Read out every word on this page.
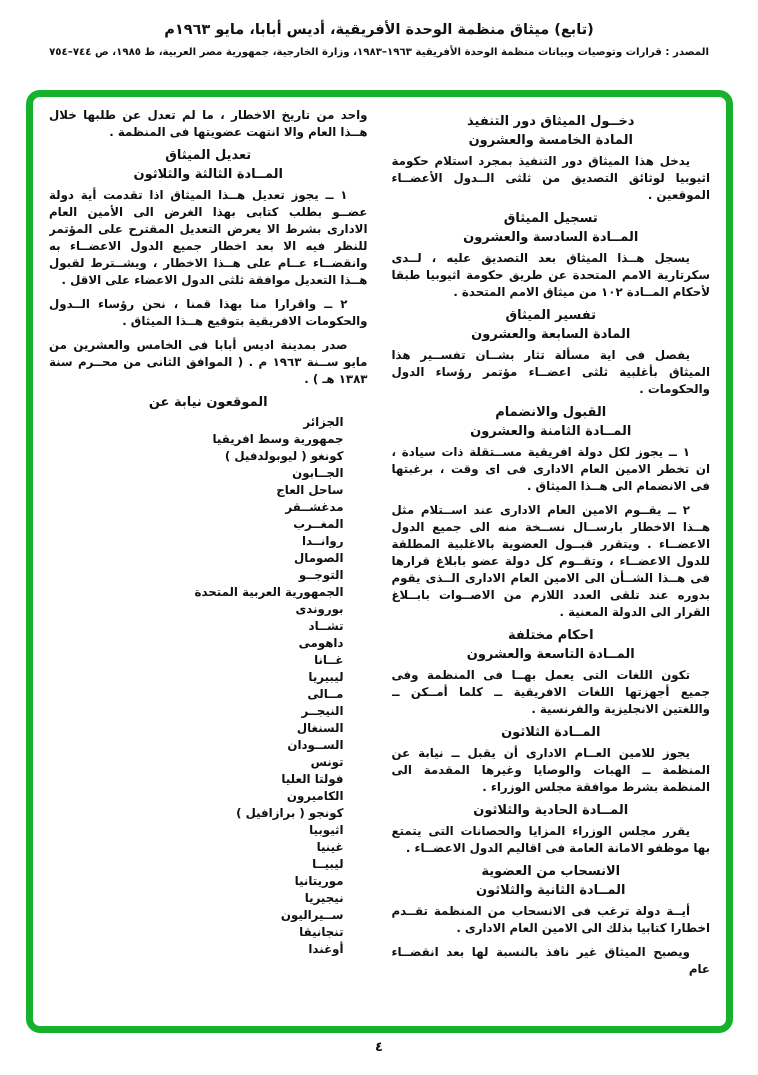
(تابع) ميثاق منظمة الوحدة الأفريقية، أديس أبابا، مايو ١٩٦٣م
المصدر : قرارات وتوصيات وبيانات منظمة الوحدة الأفريقية ١٩٦٣–١٩٨٣، وزارة الخارجية، جمهورية مصر العربية، ط ١٩٨٥، ص ٧٤٤–٧٥٤
دخــول الميثاق دور التنفيذ
المادة الخامسة والعشرون
يدخل هذا الميثاق دور التنفيذ بمجرد استلام حكومة اثيوبيا لوثائق التصديق من ثلثى الــدول الأعضــاء الموقعين .
تسجيل الميثاق
المــادة السادسة والعشرون
يسجل هــذا الميثاق بعد التصديق عليه ، لــدى سكرتارية الامم المتحدة عن طريق حكومة اثيوبيا طبقا لأحكام المــادة ١٠٢ من ميثاق الامم المتحدة .
تفسير الميثاق
المادة السابعة والعشرون
يفصل فى اية مسألة تثار بشــان تفســير هذا الميثاق بأغلبية ثلثى اعضــاء مؤتمر رؤساء الدول والحكومات .
القبول والانضمام
المــادة الثامنة والعشرون
١ ــ يجوز لكل دولة افريقية مســتقلة ذات سيادة ، ان تخطر الامين العام الادارى فى اى وقت ، برغبتها فى الانضمام الى هــذا الميثاق .
٢ ــ يقــوم الامين العام الادارى عند اســتلام مثل هــذا الاخطار بارســال نســخة منه الى جميع الدول الاعضــاء . ويتقرر قبــول العضوية بالاغلبية المطلقة للدول الاعضــاء ، وتقــوم كل دولة عضو بابلاغ قرارها فى هــذا الشــأن الى الامين العام الادارى الــذى يقوم بدوره عند تلقى العدد اللازم من الاصــوات بابــلاغ القرار الى الدولة المعنية .
احكام مختلفة
المــادة التاسعة والعشرون
تكون اللغات التى يعمل بهــا فى المنظمة وفى جميع أجهزتها اللغات الافريقية ــ كلما أمــكن ــ واللغتين الانجليزية والفرنسية .
المــادة الثلاثون
يجوز للامين العــام الادارى أن يقبل ــ نيابة عن المنظمة ــ الهبات والوصايا وغيرها المقدمة الى المنظمة بشرط موافقة مجلس الوزراء .
المــادة الحادية والثلاثون
يقرر مجلس الوزراء المزايا والحصانات التى يتمتع بها موظفو الامانة العامة فى اقاليم الدول الاعضــاء .
الانسحاب من العضوية
المــادة الثانية والثلاثون
أيــة دولة ترغب فى الانسحاب من المنظمة تقــدم اخطارا كتابيا بذلك الى الامين العام الادارى .
ويصبح الميثاق غير نافذ بالنسبة لها بعد انقضــاء عام
واحد من تاريخ الاخطار ، ما لم تعدل عن طلبها خلال هــذا العام والا انتهت عضويتها فى المنظمة .
تعديل الميثاق
المــادة الثالثة والثلاثون
١ ــ يجوز تعديل هــذا الميثاق اذا تقدمت أية دولة عضــو بطلب كتابى بهذا الغرض الى الأمين العام الادارى بشرط الا يعرض التعديل المقترح على المؤتمر للنظر فيه الا بعد اخطار جميع الدول الاعضــاء به وانقضــاء عــام على هــذا الاخطار ، ويشــترط لقبول هــذا التعديل موافقة ثلثى الدول الاعضاء على الاقل .
٢ ــ واقرارا منا بهذا قمنا ، نحن رؤساء الــدول والحكومات الافريقية بتوقيع هــذا الميثاق .
صدر بمدينة اديس أبابا فى الخامس والعشرين من مايو ســنة ١٩٦٣ م . ( الموافق الثانى من محــرم سنة ١٣٨٣ هـ ) .
الموقعون نيابة عن
الجزائر
جمهورية وسط افريقيا
كونغو ( ليوبولدفيل )
الجــابون
ساحل العاج
مدغشــقر
المغــرب
روانــدا
الصومال
التوجــو
الجمهورية العربية المتحدة
بوروندى
تشــاد
داهومى
غــانا
ليبيريا
مــالى
النيجــر
السنغال
الســودان
تونس
فولتا العليا
الكاميرون
كونجو ( برازافيل )
اثيوبيا
غينيا
ليبيــا
موريتانيا
نيجيريا
ســيراليون
تنجانيقا
أوغندا
٤
